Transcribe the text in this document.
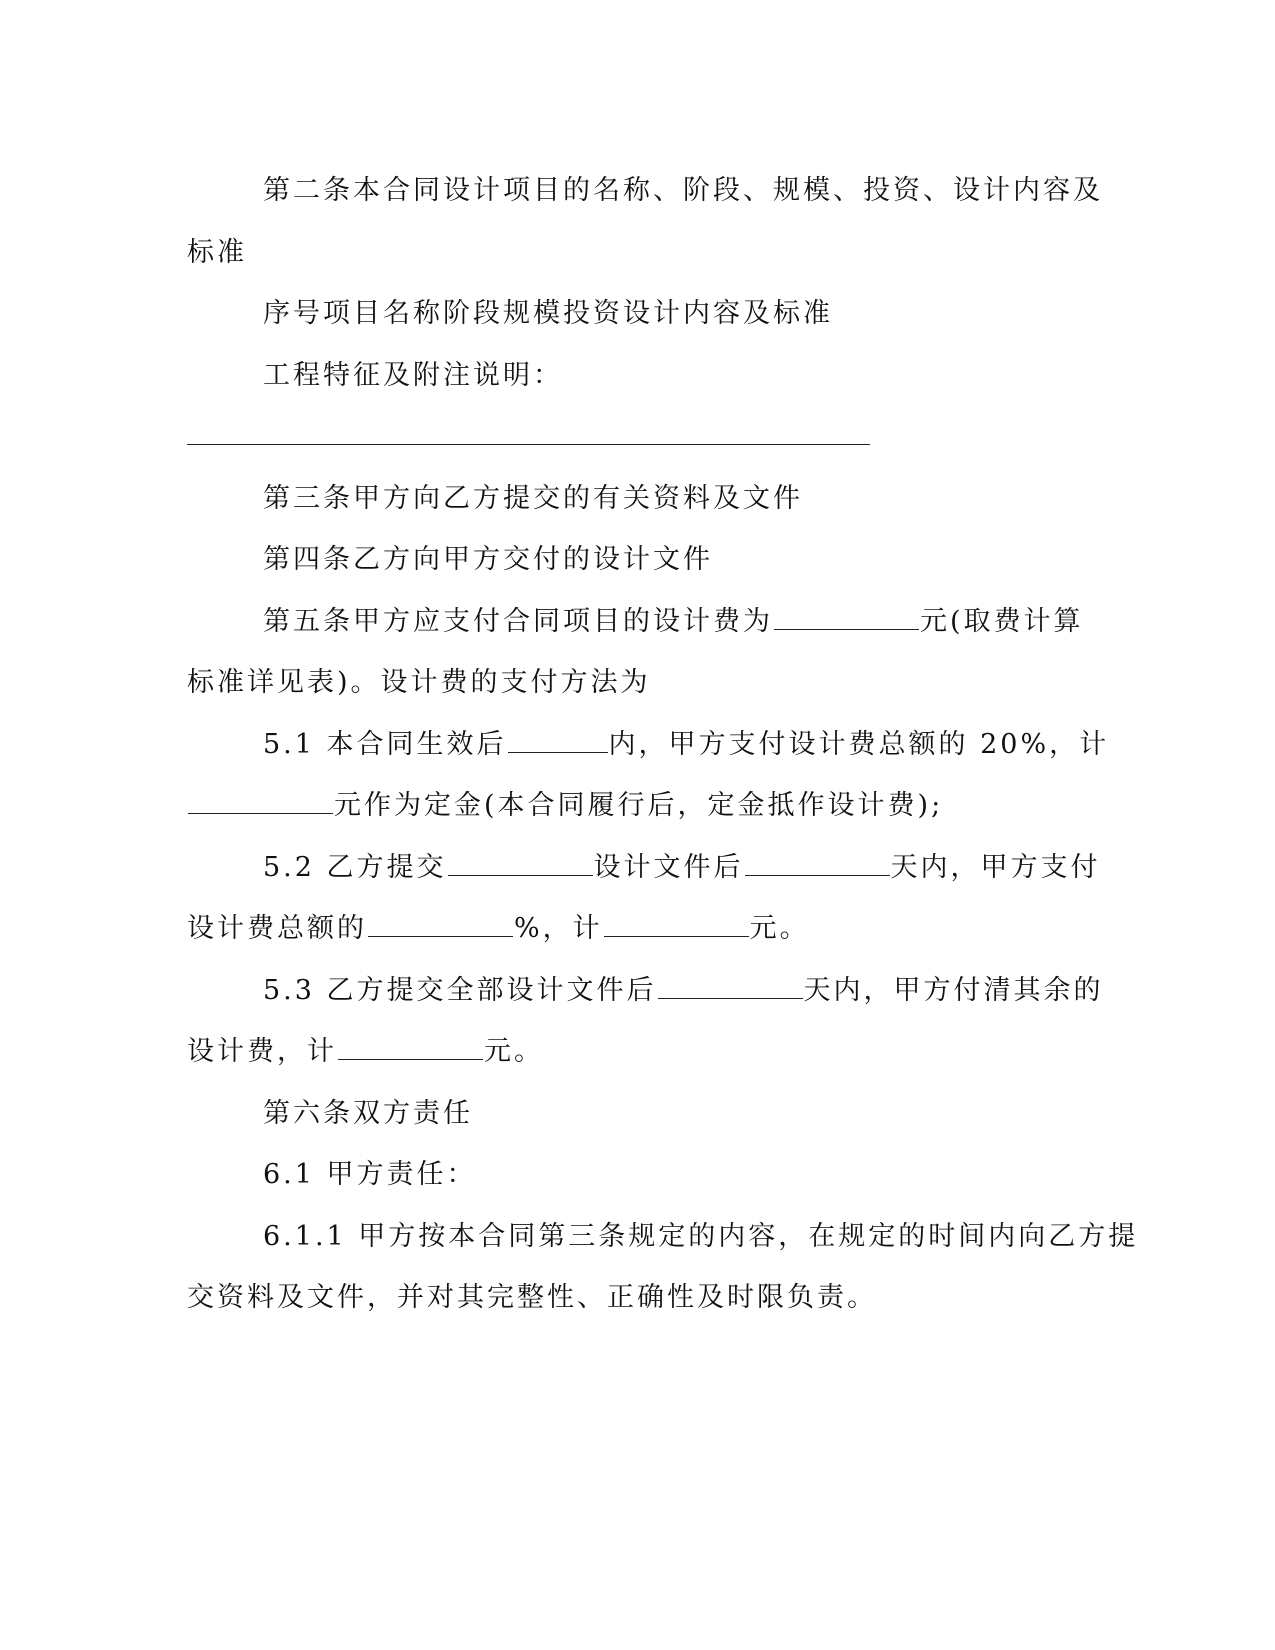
第二条本合同设计项目的名称、阶段、规模、投资、设计内容及

标准

序号项目名称阶段规模投资设计内容及标准

工程特征及附注说明：

第三条甲方向乙方提交的有关资料及文件

第四条乙方向甲方交付的设计文件

第五条甲方应支付合同项目的设计费为	元(取费计算

标准详见表)。设计费的支付方法为

5.1 本合同生效后	内，甲方支付设计费总额的 20%，计

元作为定金(本合同履行后，定金抵作设计费);

5.2 乙方提交	设计文件后	天内，甲方支付

设计费总额的	%，计	元。

5.3 乙方提交全部设计文件后	天内，甲方付清其余的

设计费，计	元。

第六条双方责任

6.1 甲方责任：

6.1.1 甲方按本合同第三条规定的内容，在规定的时间内向乙方提

交资料及文件，并对其完整性、正确性及时限负责。
